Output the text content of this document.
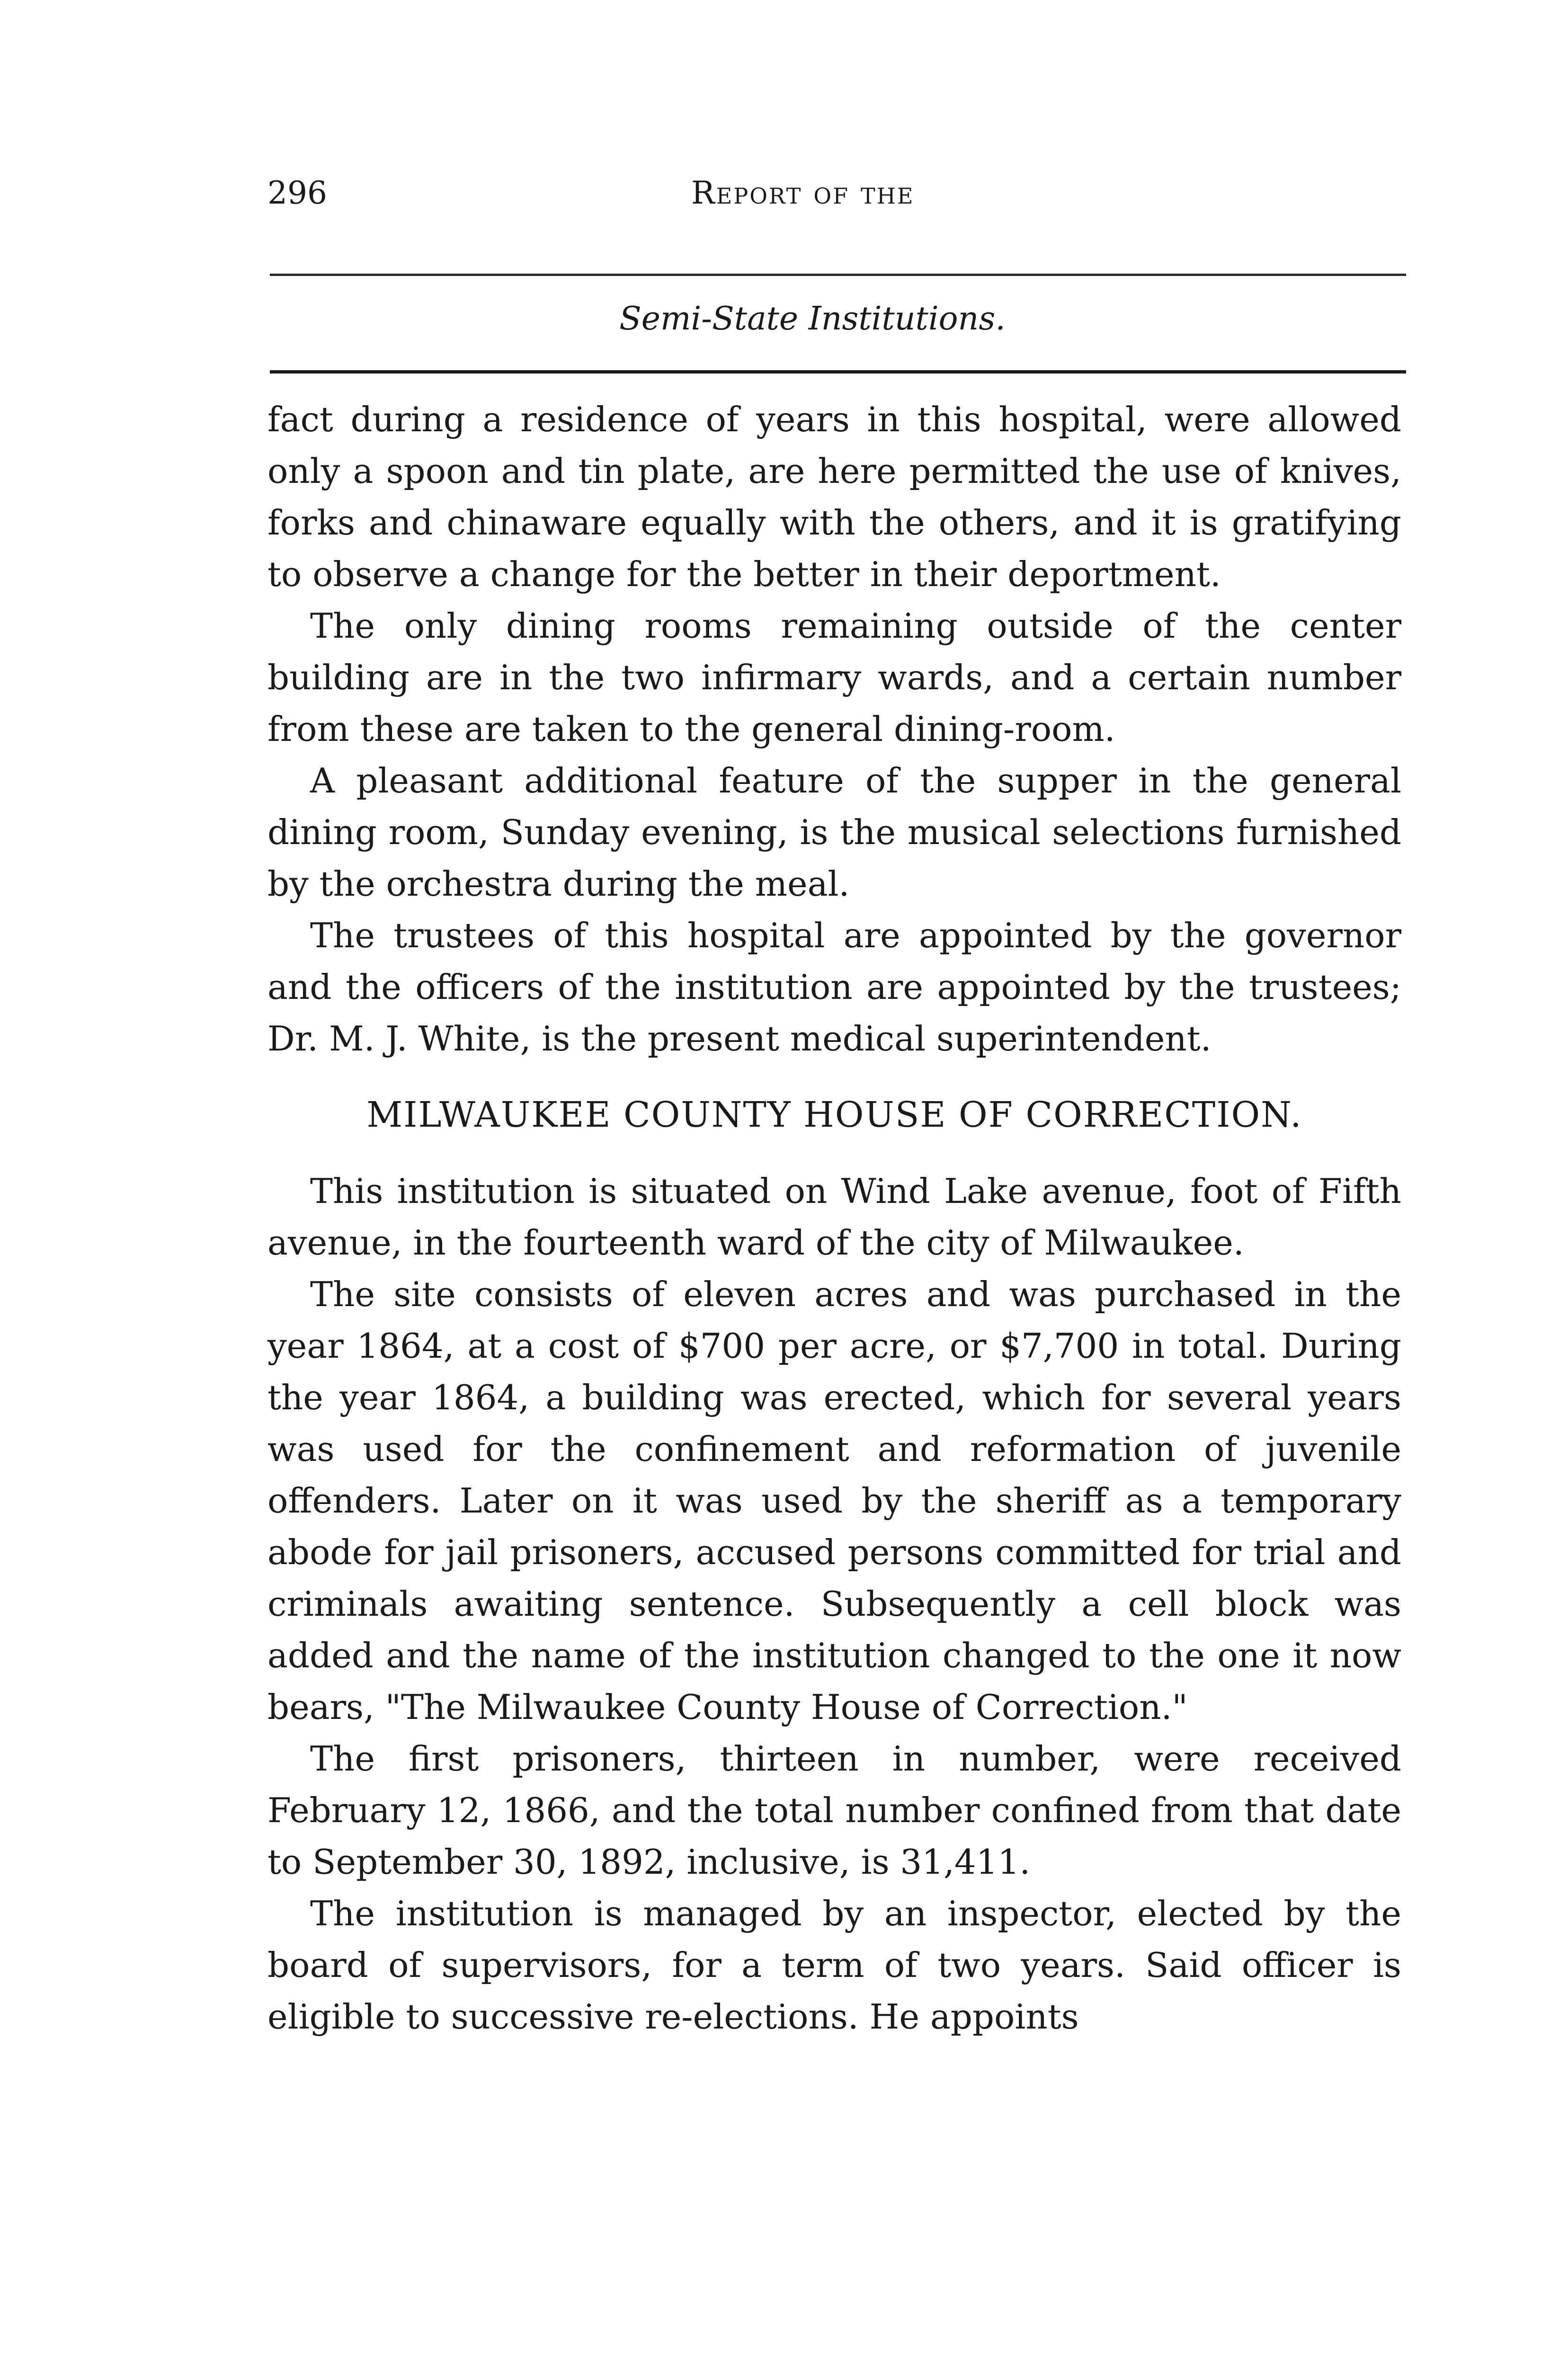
296	Report of the
Semi-State Institutions.

fact during a residence of years in this hospital, were allowed only a spoon and tin plate, are here permitted the use of knives, forks and chinaware equally with the others, and it is gratifying to observe a change for the better in their deportment.

The only dining rooms remaining outside of the center building are in the two infirmary wards, and a certain number from these are taken to the general dining-room.

A pleasant additional feature of the supper in the general dining room, Sunday evening, is the musical selections furnished by the orchestra during the meal.

The trustees of this hospital are appointed by the governor and the officers of the institution are appointed by the trustees; Dr. M. J. White, is the present medical superintendent.

MILWAUKEE COUNTY HOUSE OF CORRECTION.

This institution is situated on Wind Lake avenue, foot of Fifth avenue, in the fourteenth ward of the city of Milwaukee.

The site consists of eleven acres and was purchased in the year 1864, at a cost of $700 per acre, or $7,700 in total. During the year 1864, a building was erected, which for several years was used for the confinement and reformation of juvenile offenders. Later on it was used by the sheriff as a temporary abode for jail prisoners, accused persons committed for trial and criminals awaiting sentence. Subsequently a cell block was added and the name of the institution changed to the one it now bears, "The Milwaukee County House of Correction."

The first prisoners, thirteen in number, were received February 12, 1866, and the total number confined from that date to September 30, 1892, inclusive, is 31,411.

The institution is managed by an inspector, elected by the board of supervisors, for a term of two years. Said officer is eligible to successive re-elections. He appoints
